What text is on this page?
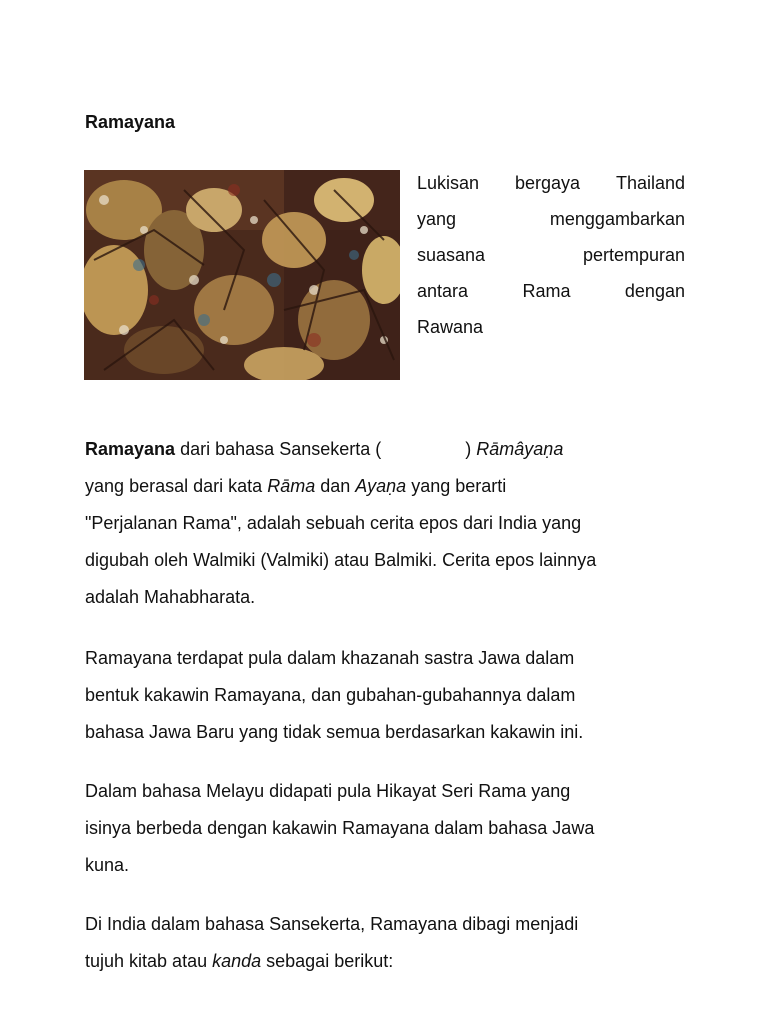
Ramayana
Lukisan bergaya Thailand
yang	menggambarkan
suasana	pertempuran
antara	Rama	dengan
Rawana
Ramayana dari bahasa Sansekerta (	) Rāmâyaṇa
yang berasal dari kata Rāma dan Ayaṇa yang berarti
"Perjalanan Rama", adalah sebuah cerita epos dari India yang
digubah oleh Walmiki (Valmiki) atau Balmiki. Cerita epos lainnya
adalah Mahabharata.
Ramayana terdapat pula dalam khazanah sastra Jawa dalam
bentuk kakawin Ramayana, dan gubahan-gubahannya dalam
bahasa Jawa Baru yang tidak semua berdasarkan kakawin ini.
Dalam bahasa Melayu didapati pula Hikayat Seri Rama yang
isinya berbeda dengan kakawin Ramayana dalam bahasa Jawa
kuna.
Di India dalam bahasa Sansekerta, Ramayana dibagi menjadi
tujuh kitab atau kanda sebagai berikut:
